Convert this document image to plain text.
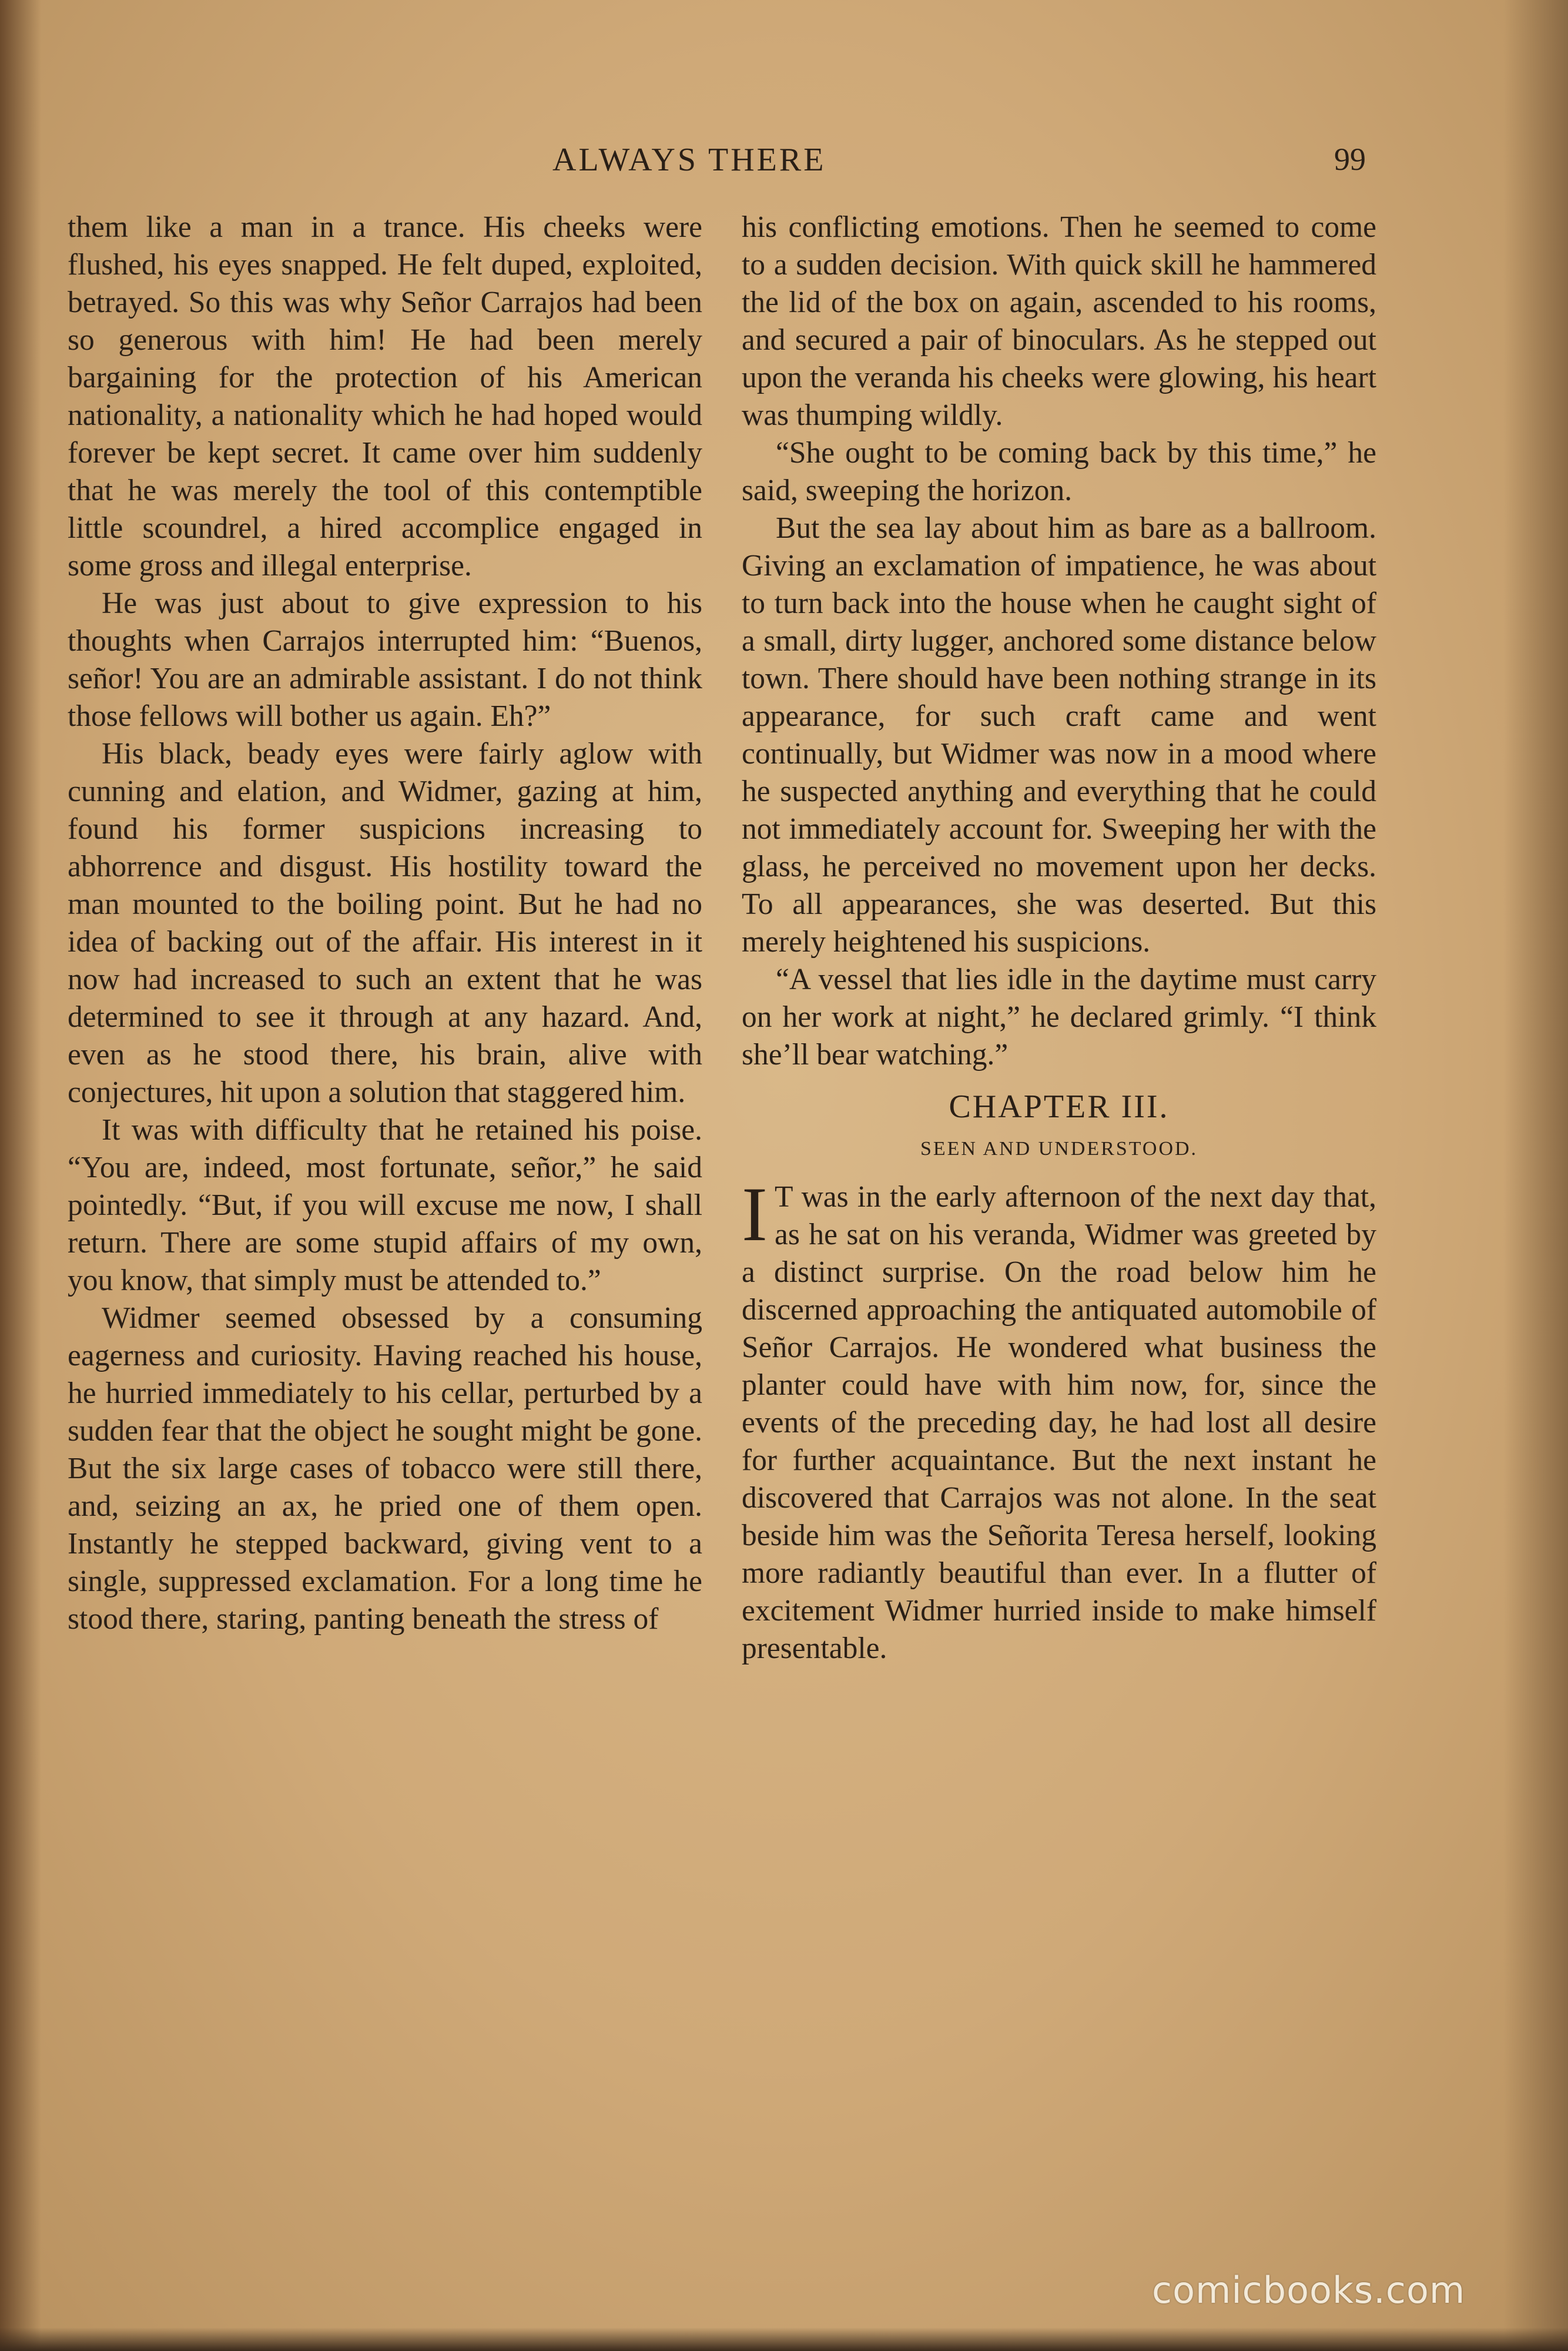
ALWAYS THERE	99

them like a man in a trance. His cheeks were flushed, his eyes snapped. He felt duped, exploited, betrayed. So this was why Señor Carrajos had been so generous with him! He had been merely bargaining for the protection of his American nationality, a nationality which he had hoped would forever be kept secret. It came over him suddenly that he was merely the tool of this contemptible little scoundrel, a hired accomplice engaged in some gross and illegal enterprise.

He was just about to give expression to his thoughts when Carrajos interrupted him: “Buenos, señor! You are an admirable assistant. I do not think those fellows will bother us again. Eh?”

His black, beady eyes were fairly aglow with cunning and elation, and Widmer, gazing at him, found his former suspicions increasing to abhorrence and disgust. His hostility toward the man mounted to the boiling point. But he had no idea of backing out of the affair. His interest in it now had increased to such an extent that he was determined to see it through at any hazard. And, even as he stood there, his brain, alive with conjectures, hit upon a solution that staggered him.

It was with difficulty that he retained his poise. “You are, indeed, most fortunate, señor,” he said pointedly. “But, if you will excuse me now, I shall return. There are some stupid affairs of my own, you know, that simply must be attended to.”

Widmer seemed obsessed by a consuming eagerness and curiosity. Having reached his house, he hurried immediately to his cellar, perturbed by a sudden fear that the object he sought might be gone. But the six large cases of tobacco were still there, and, seizing an ax, he pried one of them open. Instantly he stepped backward, giving vent to a single, suppressed exclamation. For a long time he stood there, staring, panting beneath the stress of

his conflicting emotions. Then he seemed to come to a sudden decision. With quick skill he hammered the lid of the box on again, ascended to his rooms, and secured a pair of binoculars. As he stepped out upon the veranda his cheeks were glowing, his heart was thumping wildly.

“She ought to be coming back by this time,” he said, sweeping the horizon.

But the sea lay about him as bare as a ballroom. Giving an exclamation of impatience, he was about to turn back into the house when he caught sight of a small, dirty lugger, anchored some distance below town. There should have been nothing strange in its appearance, for such craft came and went continually, but Widmer was now in a mood where he suspected anything and everything that he could not immediately account for. Sweeping her with the glass, he perceived no movement upon her decks. To all appearances, she was deserted. But this merely heightened his suspicions.

“A vessel that lies idle in the daytime must carry on her work at night,” he declared grimly. “I think she’ll bear watching.”

CHAPTER III.
SEEN AND UNDERSTOOD.

I T was in the early afternoon of the next day that, as he sat on his veranda, Widmer was greeted by a distinct surprise. On the road below him he discerned approaching the antiquated automobile of Señor Carrajos. He wondered what business the planter could have with him now, for, since the events of the preceding day, he had lost all desire for further acquaintance. But the next instant he discovered that Carrajos was not alone. In the seat beside him was the Señorita Teresa herself, looking more radiantly beautiful than ever. In a flutter of excitement Widmer hurried inside to make himself presentable.

comicbooks.com
